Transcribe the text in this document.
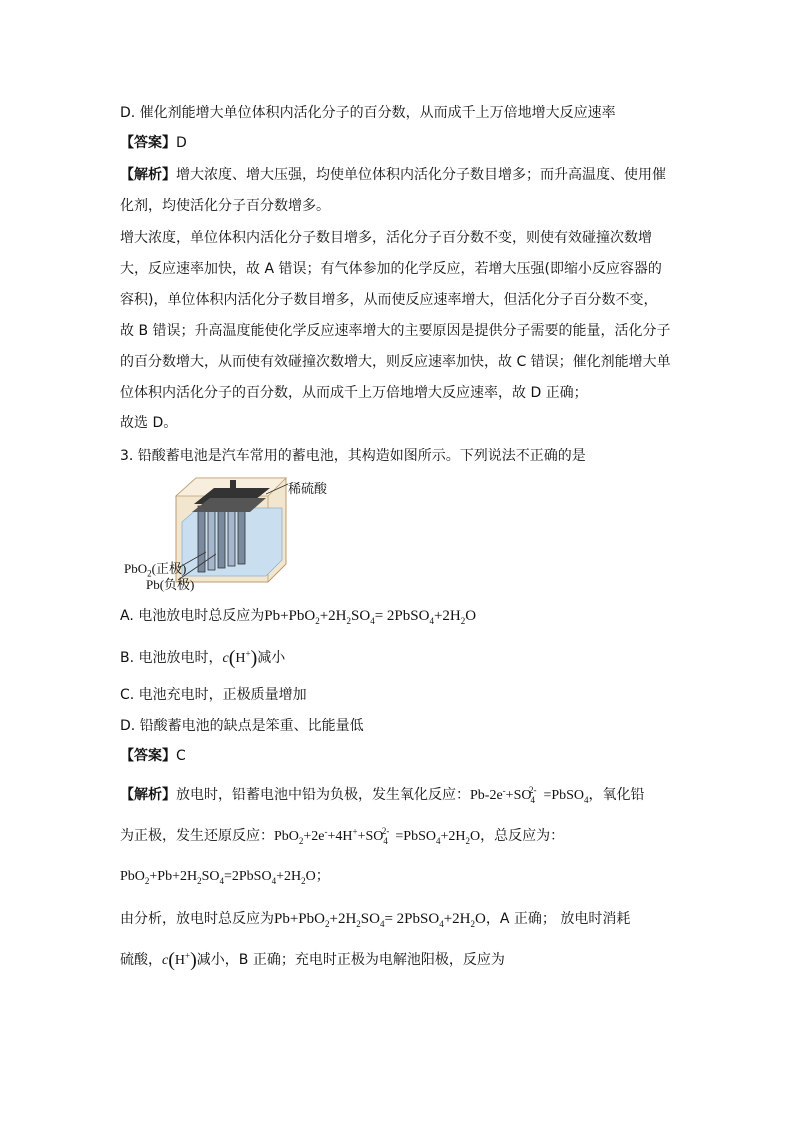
D. 催化剂能增大单位体积内活化分子的百分数，从而成千上万倍地增大反应速率
【答案】D
【解析】增大浓度、增大压强，均使单位体积内活化分子数目增多；而升高温度、使用催
化剂，均使活化分子百分数增多。
增大浓度，单位体积内活化分子数目增多，活化分子百分数不变，则使有效碰撞次数增
大，反应速率加快，故 A 错误；有气体参加的化学反应，若增大压强(即缩小反应容器的
容积)，单位体积内活化分子数目增多，从而使反应速率增大，但活化分子百分数不变，
故 B 错误；升高温度能使化学反应速率增大的主要原因是提供分子需要的能量，活化分子
的百分数增大，从而使有效碰撞次数增大，则反应速率加快，故 C 错误；催化剂能增大单
位体积内活化分子的百分数，从而成千上万倍地增大反应速率，故 D 正确；
故选 D。
3. 铅酸蓄电池是汽车常用的蓄电池，其构造如图所示。下列说法不正确的是
稀硫酸
PbO$_2$(正极)
Pb(负极)
A. 电池放电时总反应为$Pb+PbO_2+2H_2SO_4=$ $2PbSO_4+2H_2O$
B. 电池放电时，c(H+)减小
C. 电池充电时，正极质量增加
D. 铅酸蓄电池的缺点是笨重、比能量低
【答案】C
【解析】放电时，铅蓄电池中铅为负极，发生氧化反应：$Pb-2e^-+SO_4^{2-}$ =PbSO$_4$，氧化铅
为正极，发生还原反应：$PbO_2+2e^-+4H^++SO_4^{2-}$ $=PbSO_4+2H_2O$，总反应为：
$PbO_2+Pb+2H_2SO_4=2PbSO_4+2H_2O$；
由分析，放电时总反应为$Pb+PbO_2+2H_2SO_4=$ $2PbSO_4+2H_2O$，A 正确； 放电时消耗
硫酸，c(H+)减小，B 正确；充电时正极为电解池阳极，反应为
